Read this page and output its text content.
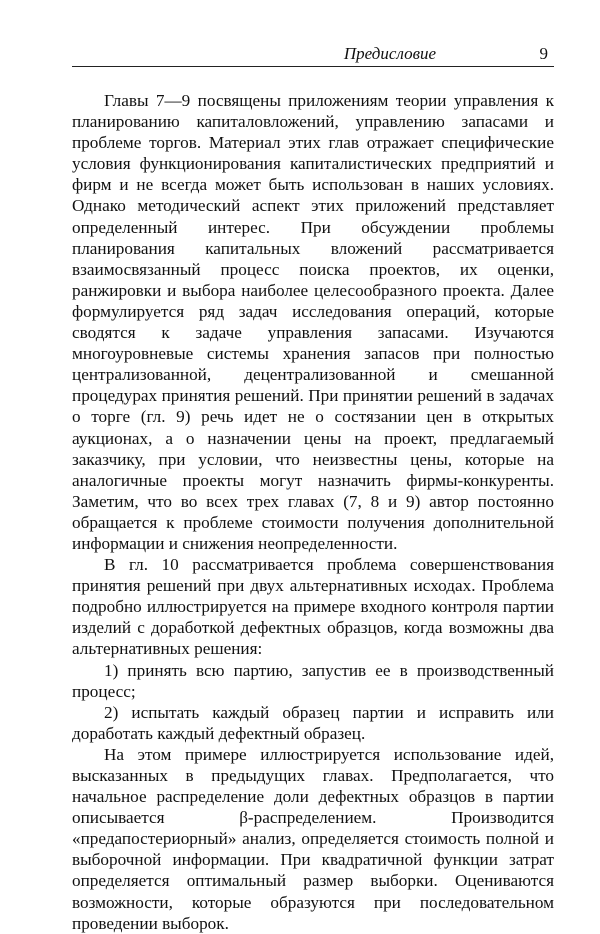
Предисловие	9

Главы 7—9 посвящены приложениям теории управления к планированию капиталовложений, управлению запасами и проблеме торгов. Материал этих глав отражает специфические условия функционирования капиталистических предприятий и фирм и не всегда может быть использован в наших условиях. Однако методический аспект этих приложений представляет определенный интерес. При обсуждении проблемы планирования капитальных вложений рассматривается взаимосвязанный процесс поиска проектов, их оценки, ранжировки и выбора наиболее целесообразного проекта. Далее формулируется ряд задач исследования операций, которые сводятся к задаче управления запасами. Изучаются многоуровневые системы хранения запасов при полностью централизованной, децентрализованной и смешанной процедурах принятия решений. При принятии решений в задачах о торге (гл. 9) речь идет не о состязании цен в открытых аукционах, а о назначении цены на проект, предлагаемый заказчику, при условии, что неизвестны цены, которые на аналогичные проекты могут назначить фирмы-конкуренты. Заметим, что во всех трех главах (7, 8 и 9) автор постоянно обращается к проблеме стоимости получения дополнительной информации и снижения неопределенности.

В гл. 10 рассматривается проблема совершенствования принятия решений при двух альтернативных исходах. Проблема подробно иллюстрируется на примере входного контроля партии изделий с доработкой дефектных образцов, когда возможны два альтернативных решения:

1) принять всю партию, запустив ее в производственный процесс;

2) испытать каждый образец партии и исправить или доработать каждый дефектный образец.

На этом примере иллюстрируется использование идей, высказанных в предыдущих главах. Предполагается, что начальное распределение доли дефектных образцов в партии описывается β-распределением. Производится «предапостериорный» анализ, определяется стоимость полной и выборочной информации. При квадратичной функции затрат определяется оптимальный размер выборки. Оцениваются возможности, которые образуются при последовательном проведении выборок.
